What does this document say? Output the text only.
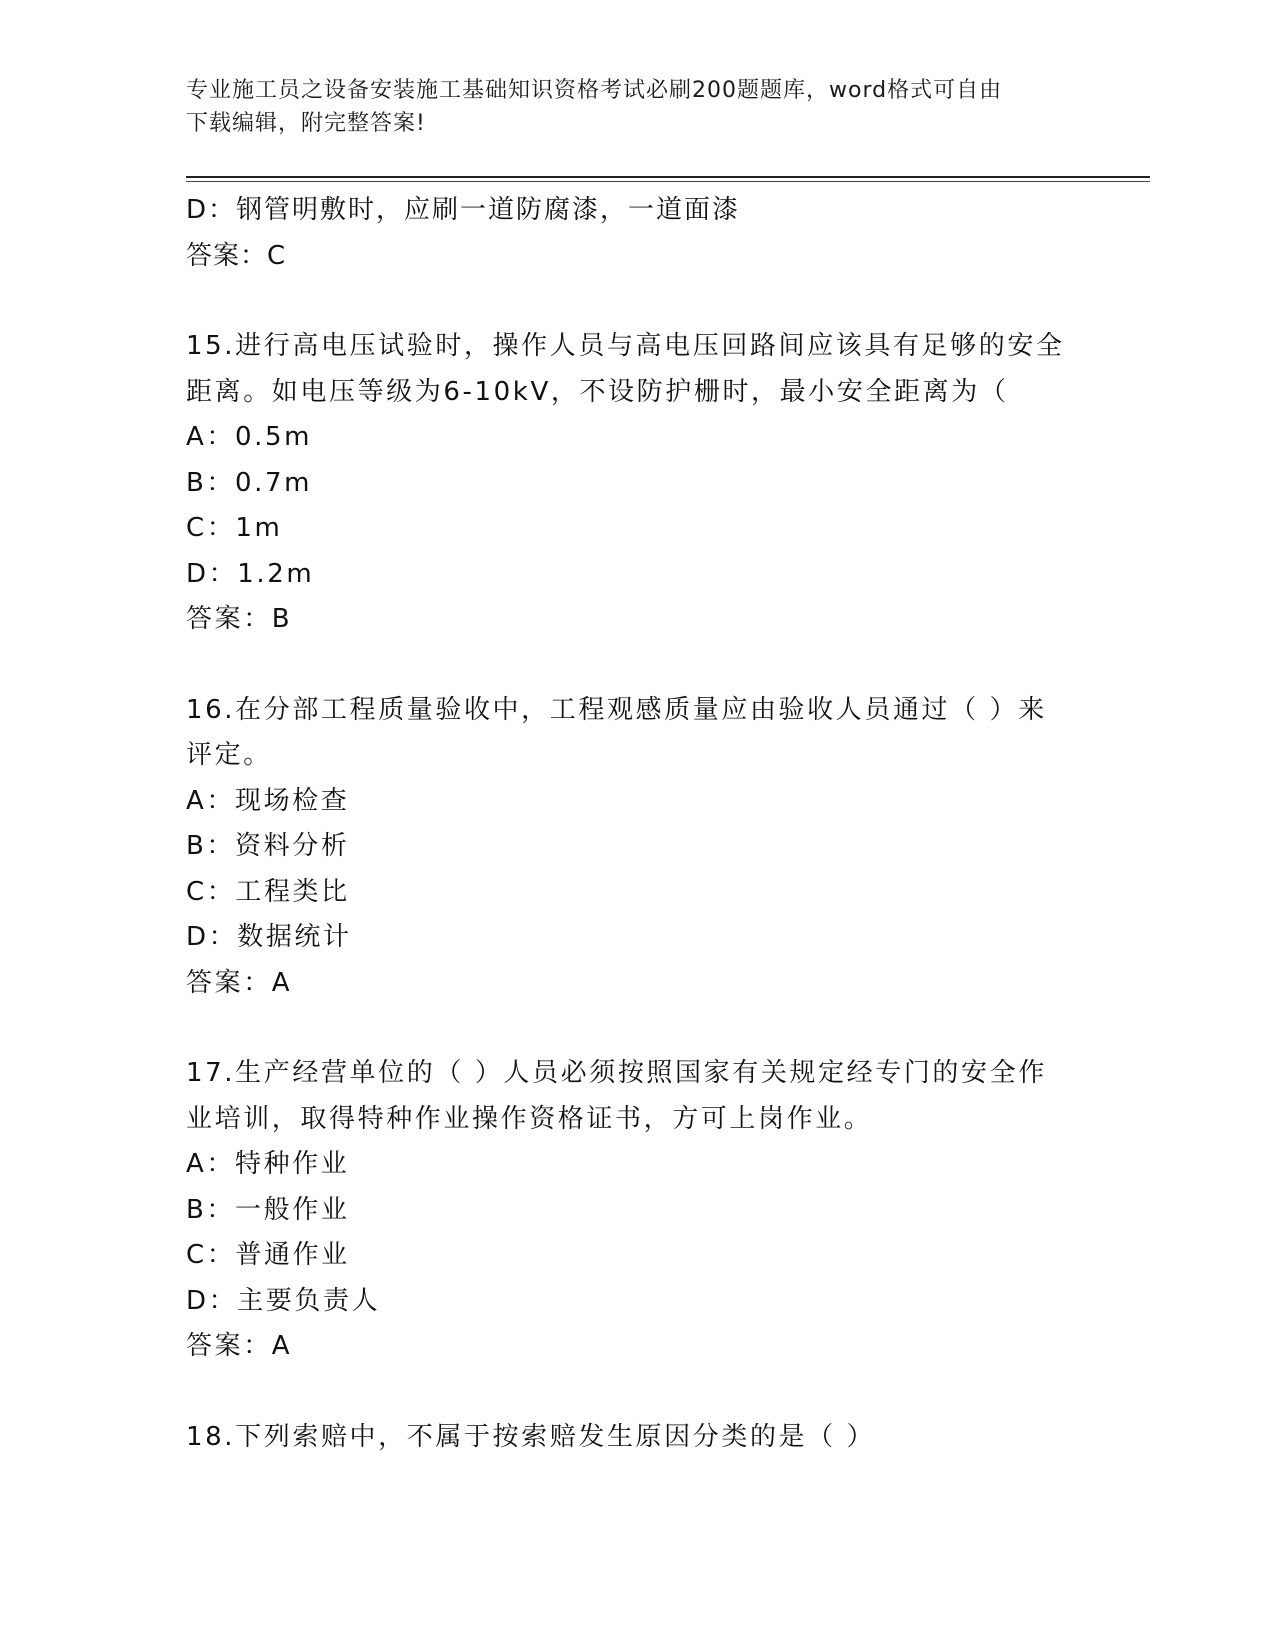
专业施工员之设备安装施工基础知识资格考试必刷200题题库，word格式可自由
下载编辑，附完整答案!
D：钢管明敷时，应刷一道防腐漆，一道面漆
答案：C
15.进行高电压试验时，操作人员与高电压回路间应该具有足够的安全
距离。如电压等级为6-10kV，不设防护栅时，最小安全距离为（
A：0.5m
B：0.7m
C：1m
D：1.2m
答案：B
16.在分部工程质量验收中，工程观感质量应由验收人员通过（ ）来
评定。
A：现场检查
B：资料分析
C：工程类比
D：数据统计
答案：A
17.生产经营单位的（ ）人员必须按照国家有关规定经专门的安全作
业培训，取得特种作业操作资格证书，方可上岗作业。
A：特种作业
B：一般作业
C：普通作业
D：主要负责人
答案：A
18.下列索赔中，不属于按索赔发生原因分类的是（ ）
